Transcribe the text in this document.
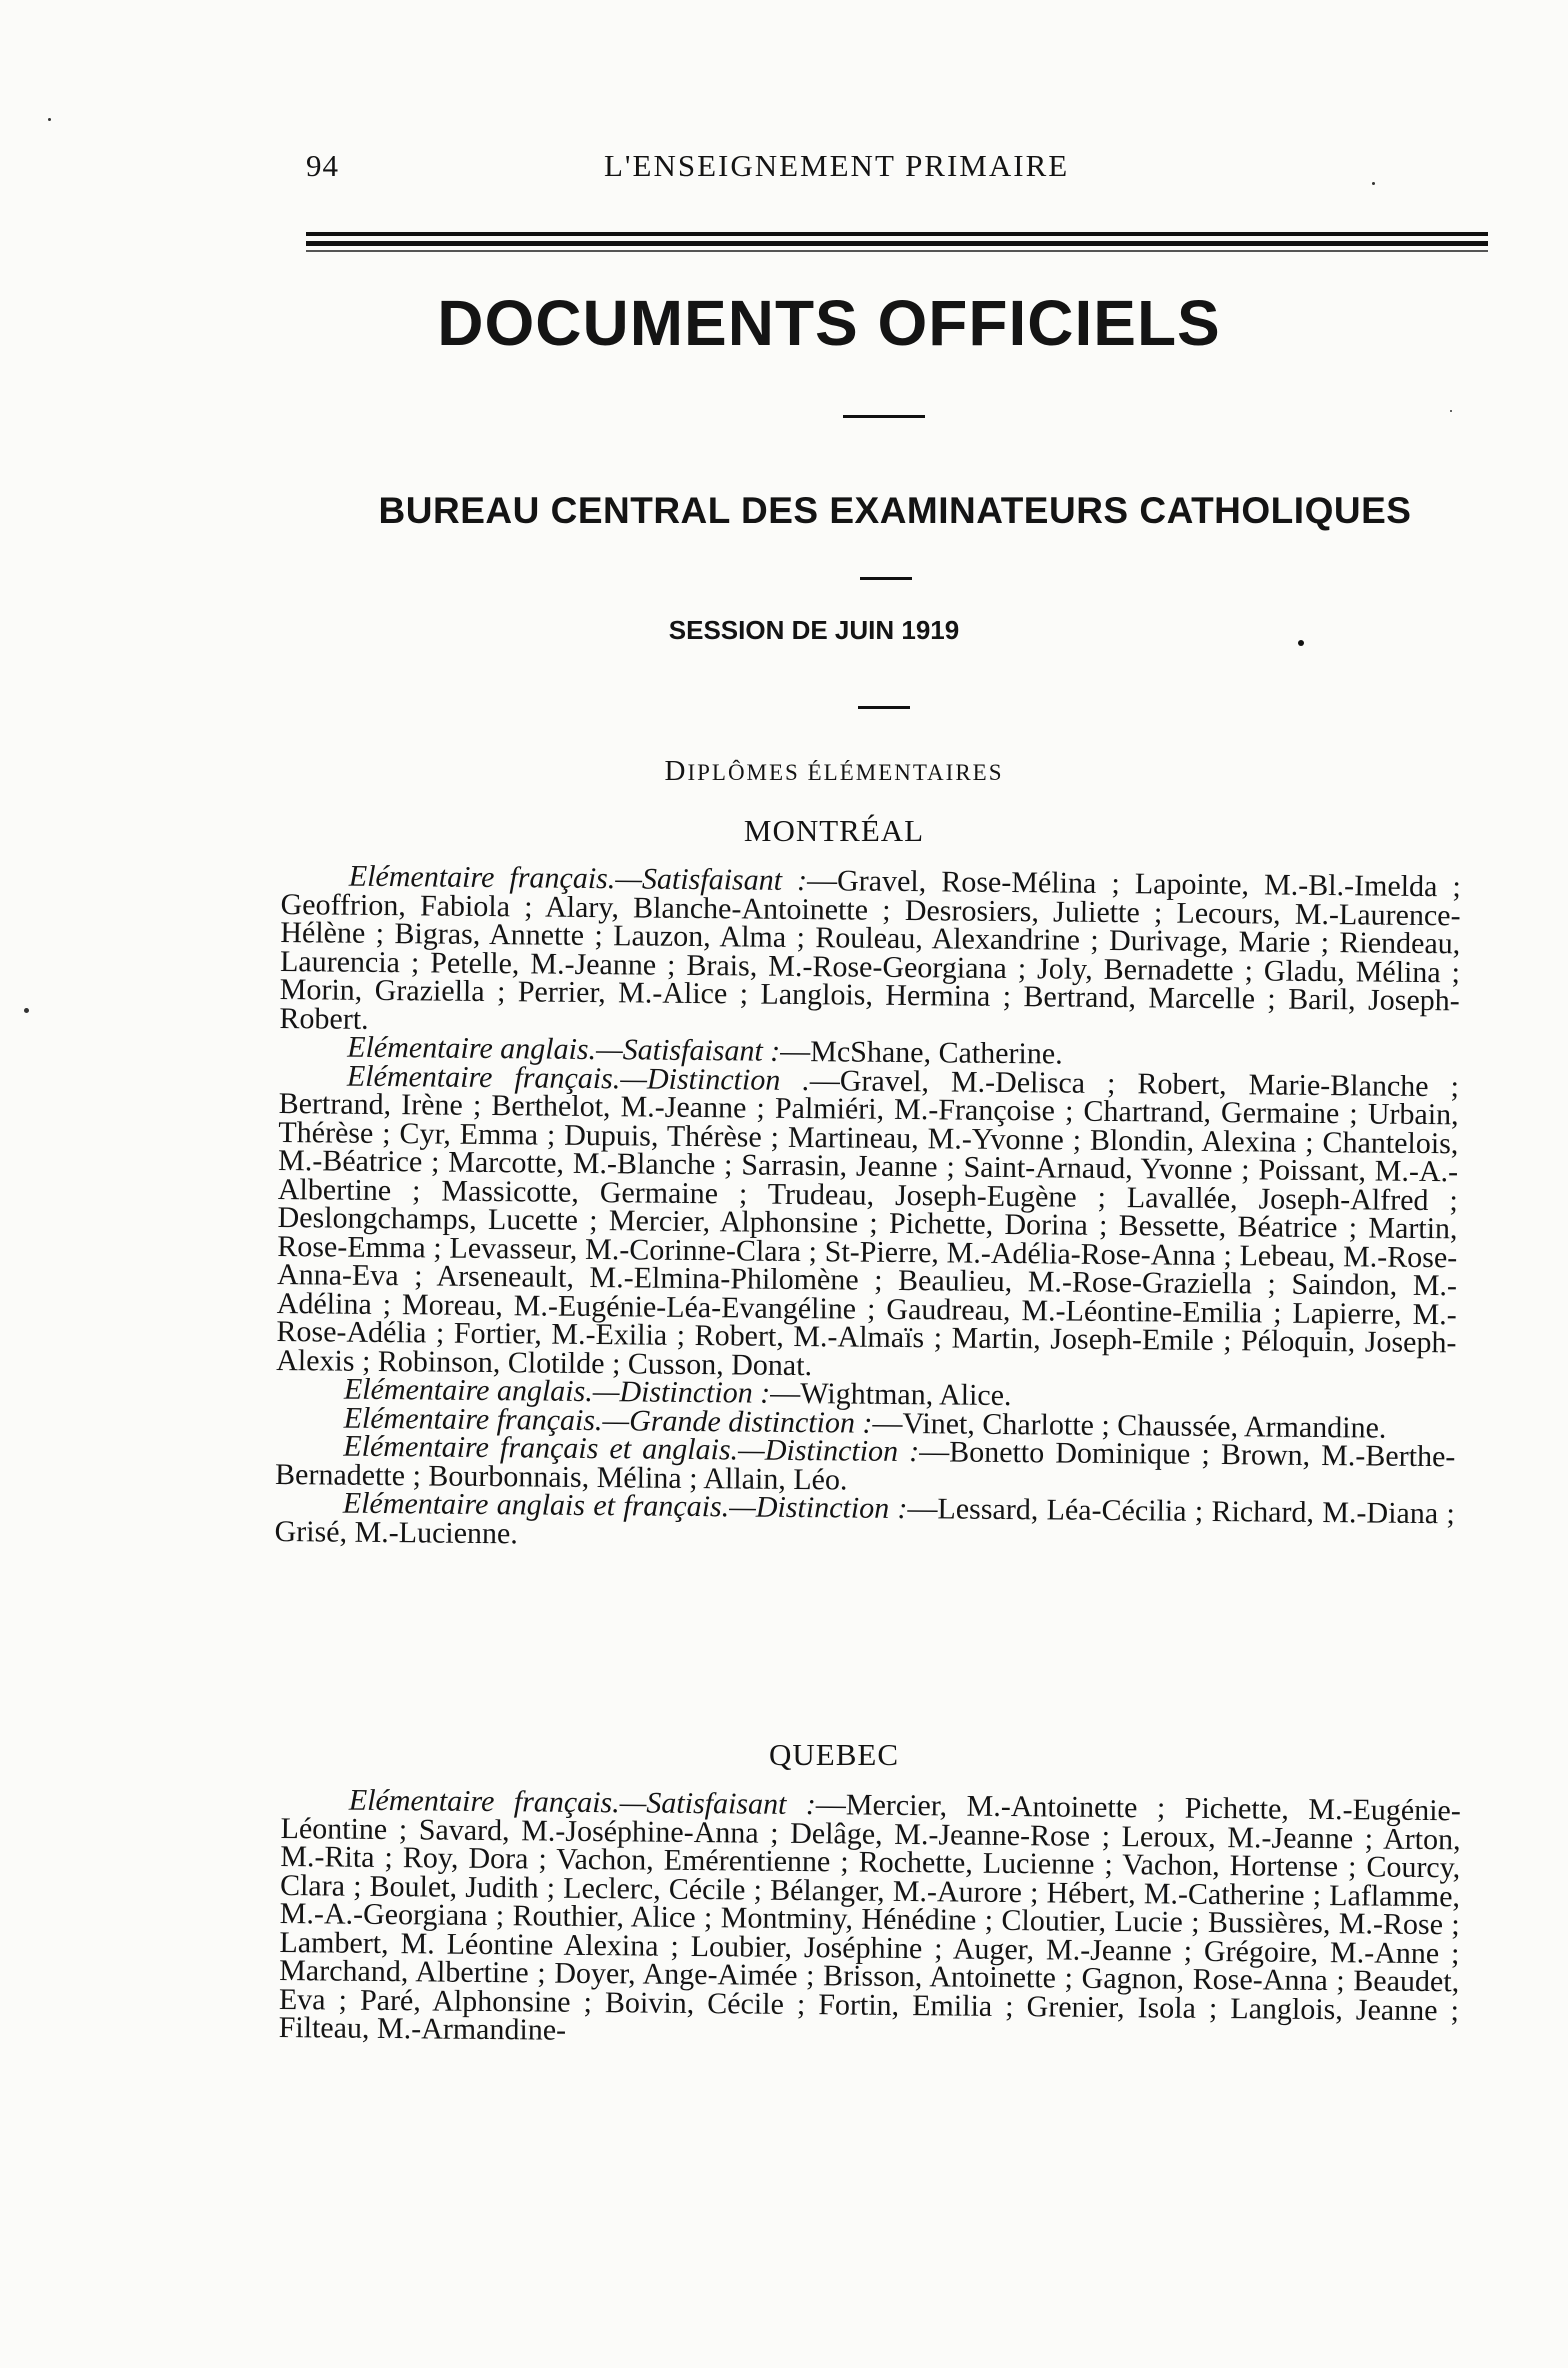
94	L'ENSEIGNEMENT PRIMAIRE
DOCUMENTS OFFICIELS
BUREAU CENTRAL DES EXAMINATEURS CATHOLIQUES
SESSION DE JUIN 1919
DIPLÔMES ÉLÉMENTAIRES
MONTRÉAL

Elémentaire français.—Satisfaisant :—Gravel, Rose-Mélina ; Lapointe, M.-Bl.-Imelda ; Geoffrion, Fabiola ; Alary, Blanche-Antoinette ; Desrosiers, Juliette ; Lecours, M.-Laurence-Hélène ; Bigras, Annette ; Lauzon, Alma ; Rouleau, Alexandrine ; Durivage, Marie ; Riendeau, Laurencia ; Petelle, M.-Jeanne ; Brais, M.-Rose-Georgiana ; Joly, Bernadette ; Gladu, Mélina ; Morin, Graziella ; Perrier, M.-Alice ; Langlois, Hermina ; Bertrand, Marcelle ; Baril, Joseph-Robert.

Elémentaire anglais.—Satisfaisant :—McShane, Catherine.

Elémentaire français.—Distinction .—Gravel, M.-Delisca ; Robert, Marie-Blanche ; Bertrand, Irène ; Berthelot, M.-Jeanne ; Palmiéri, M.-Françoise ; Chartrand, Germaine ; Urbain, Thérèse ; Cyr, Emma ; Dupuis, Thérèse ; Martineau, M.-Yvonne ; Blondin, Alexina ; Chantelois, M.-Béatrice ; Marcotte, M.-Blanche ; Sarrasin, Jeanne ; Saint-Arnaud, Yvonne ; Poissant, M.-A.-Albertine ; Massicotte, Germaine ; Trudeau, Joseph-Eugène ; Lavallée, Joseph-Alfred ; Deslongchamps, Lucette ; Mercier, Alphonsine ; Pichette, Dorina ; Bessette, Béatrice ; Martin, Rose-Emma ; Levasseur, M.-Corinne-Clara ; St-Pierre, M.-Adélia-Rose-Anna ; Lebeau, M.-Rose-Anna-Eva ; Arseneault, M.-Elmina-Philomène ; Beaulieu, M.-Rose-Graziella ; Saindon, M.-Adélina ; Moreau, M.-Eugénie-Léa-Evangéline ; Gaudreau, M.-Léontine-Emilia ; Lapierre, M.-Rose-Adélia ; Fortier, M.-Exilia ; Robert, M.-Almaïs ; Martin, Joseph-Emile ; Péloquin, Joseph-Alexis ; Robinson, Clotilde ; Cusson, Donat.

Elémentaire anglais.—Distinction :—Wightman, Alice.

Elémentaire français.—Grande distinction :—Vinet, Charlotte ; Chaussée, Armandine.

Elémentaire français et anglais.—Distinction :—Bonetto Dominique ; Brown, M.-Berthe-Bernadette ; Bourbonnais, Mélina ; Allain, Léo.

Elémentaire anglais et français.—Distinction :—Lessard, Léa-Cécilia ; Richard, M.-Diana ; Grisé, M.-Lucienne.

QUEBEC

Elémentaire français.—Satisfaisant :—Mercier, M.-Antoinette ; Pichette, M.-Eugénie-Léontine ; Savard, M.-Joséphine-Anna ; Delâge, M.-Jeanne-Rose ; Leroux, M.-Jeanne ; Arton, M.-Rita ; Roy, Dora ; Vachon, Emérentienne ; Rochette, Lucienne ; Vachon, Hortense ; Courcy, Clara ; Boulet, Judith ; Leclerc, Cécile ; Bélanger, M.-Aurore ; Hébert, M.-Catherine ; Laflamme, M.-A.-Georgiana ; Routhier, Alice ; Montminy, Hénédine ; Cloutier, Lucie ; Bussières, M.-Rose ; Lambert, M. Léontine Alexina ; Loubier, Joséphine ; Auger, M.-Jeanne ; Grégoire, M.-Anne ; Marchand, Albertine ; Doyer, Ange-Aimée ; Brisson, Antoinette ; Gagnon, Rose-Anna ; Beaudet, Eva ; Paré, Alphonsine ; Boivin, Cécile ; Fortin, Emilia ; Grenier, Isola ; Langlois, Jeanne ; Filteau, M.-Armandine-
